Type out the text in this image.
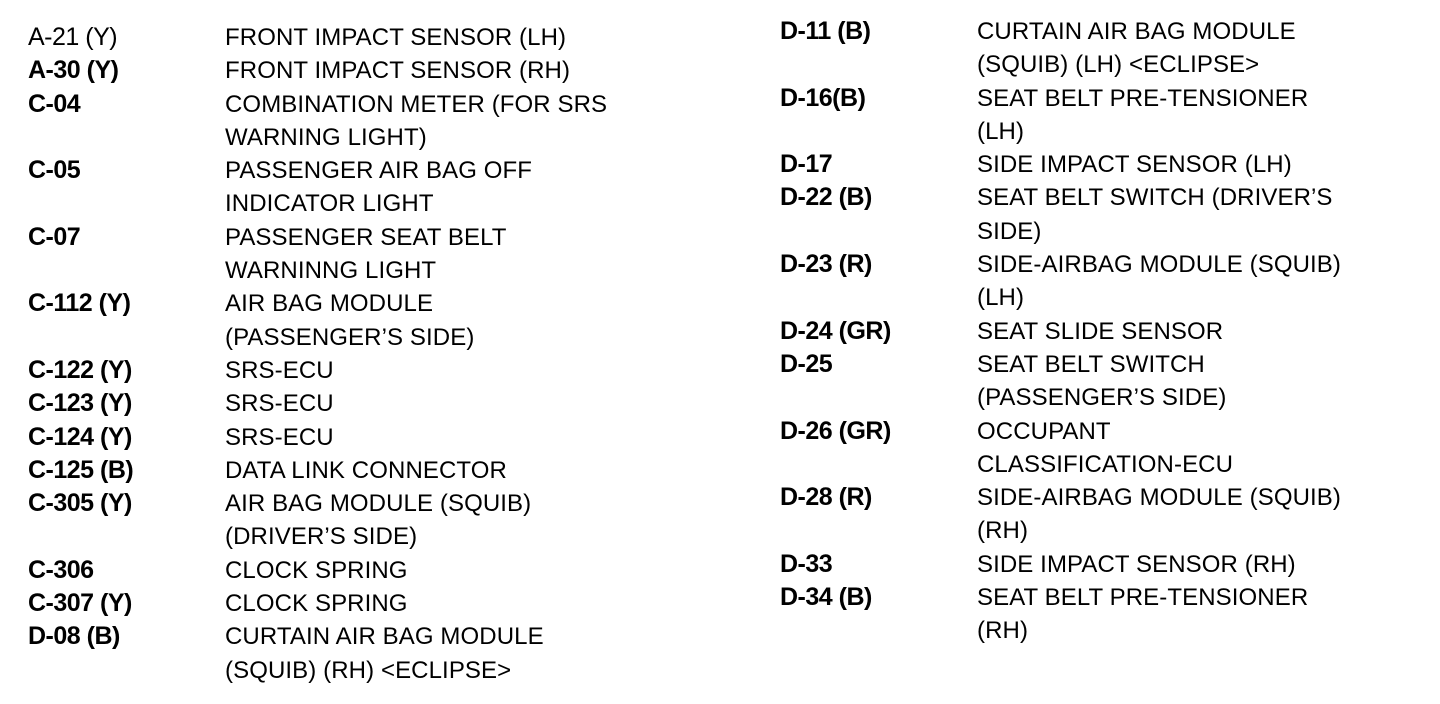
A-21 (Y)	FRONT IMPACT SENSOR (LH)
A-30 (Y)	FRONT IMPACT SENSOR (RH)
C-04	COMBINATION METER (FOR SRS
WARNING LIGHT)
C-05	PASSENGER AIR BAG OFF
INDICATOR LIGHT
C-07	PASSENGER SEAT BELT
WARNINNG LIGHT
C-112 (Y)	AIR BAG MODULE
(PASSENGER’S SIDE)
C-122 (Y)	SRS-ECU
C-123 (Y)	SRS-ECU
C-124 (Y)	SRS-ECU
C-125 (B)	DATA LINK CONNECTOR
C-305 (Y)	AIR BAG MODULE (SQUIB)
(DRIVER’S SIDE)
C-306	CLOCK SPRING
C-307 (Y)	CLOCK SPRING
D-08 (B)	CURTAIN AIR BAG MODULE
(SQUIB) (RH) <ECLIPSE>
D-11 (B)	CURTAIN AIR BAG MODULE
(SQUIB) (LH) <ECLIPSE>
D-16(B)	SEAT BELT PRE-TENSIONER
(LH)
D-17	SIDE IMPACT SENSOR (LH)
D-22 (B)	SEAT BELT SWITCH (DRIVER’S
SIDE)
D-23 (R)	SIDE-AIRBAG MODULE (SQUIB)
(LH)
D-24 (GR)	SEAT SLIDE SENSOR
D-25	SEAT BELT SWITCH
(PASSENGER’S SIDE)
D-26 (GR)	OCCUPANT
CLASSIFICATION-ECU
D-28 (R)	SIDE-AIRBAG MODULE (SQUIB)
(RH)
D-33	SIDE IMPACT SENSOR (RH)
D-34 (B)	SEAT BELT PRE-TENSIONER
(RH)
